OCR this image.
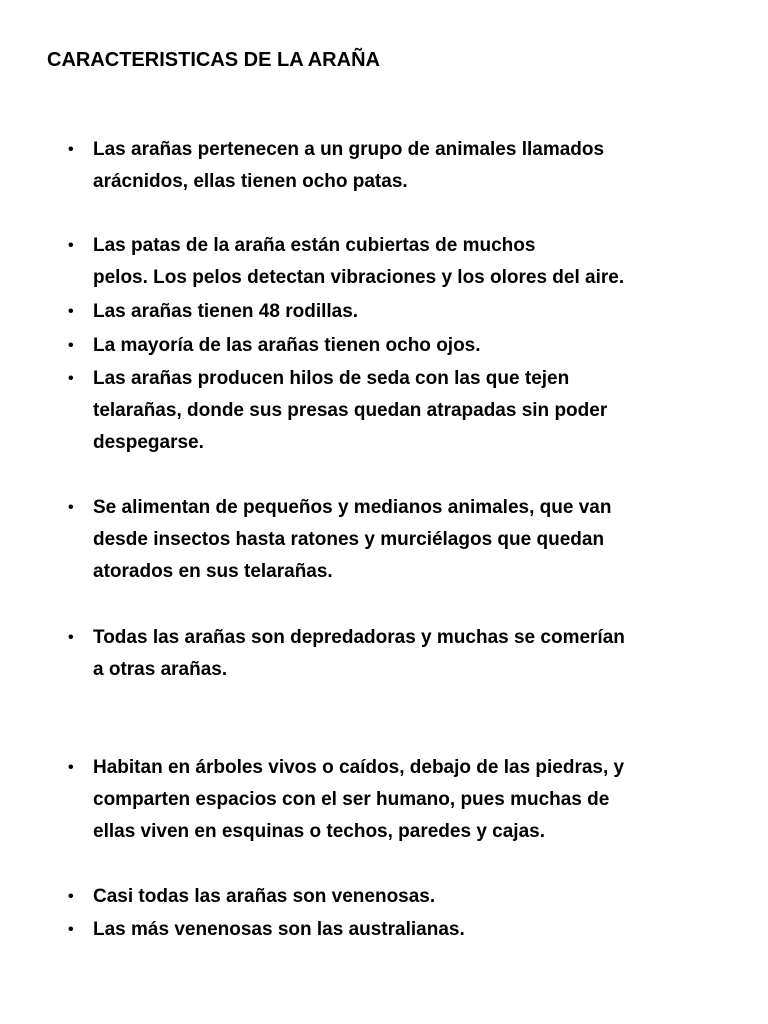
CARACTERISTICAS DE LA ARAÑA
•	Las arañas pertenecen a un grupo de animales llamados
arácnidos, ellas tienen ocho patas.
•	Las patas de la araña están cubiertas de muchos
pelos. Los pelos detectan vibraciones y los olores del aire.
•	Las arañas tienen 48 rodillas.
•	La mayoría de las arañas tienen ocho ojos.
•	Las arañas producen hilos de seda con las que tejen
telarañas, donde sus presas quedan atrapadas sin poder
despegarse.
•	Se alimentan de pequeños y medianos animales, que van
desde insectos hasta ratones y murciélagos que quedan
atorados en sus telarañas.
•	Todas las arañas son depredadoras y muchas se comerían
a otras arañas.
•	Habitan en árboles vivos o caídos, debajo de las piedras, y
comparten espacios con el ser humano, pues muchas de
ellas viven en esquinas o techos, paredes y cajas.
•	Casi todas las arañas son venenosas.
•	Las más venenosas son las australianas.
